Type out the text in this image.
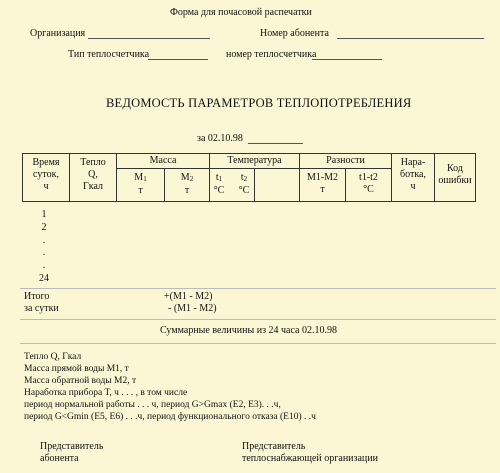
Форма для почасовой распечатки
Организация	Номер абонента
Тип теплосчетчика	номер теплосчетчика
ВЕДОМОСТЬ ПАРАМЕТРОВ ТЕПЛОПОТРЕБЛЕНИЯ
за 02.10.98
Время
суток,
ч
Тепло
Q,
Гкал
Масса
M1
т
M2
т
Температура
t1
°С
t2
°С
Разности
M1-M2
т
t1-t2
°С
Нара-
ботка,
ч
Код
ошибки
1
2
.
.
.
24
Итого
за сутки
+(M1 - M2)
- (M1 - M2)
Суммарные величины из 24 часа 02.10.98
Тепло Q, Гкал
Масса прямой воды M1, т
Масса обратной воды M2, т
Наработка прибора Т, ч . . . , в том числе
период нормальной работы . . . ч, период G>Gmax (E2, E3). . .ч,
период G<Gmin (E5, E6) . . .ч, период функционального отказа (E10) . .ч
Представитель
абонента
Представитель
теплоснабжающей организации
